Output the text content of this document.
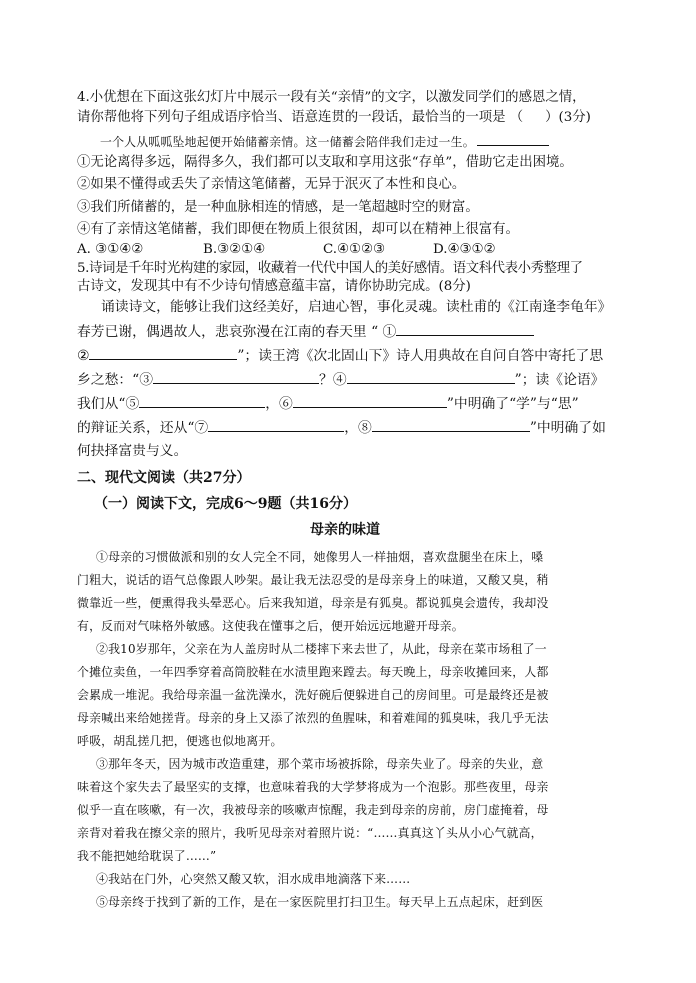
4.小优想在下面这张幻灯片中展示一段有关“亲情”的文字，以激发同学们的感恩之情，
请你帮他将下列句子组成语序恰当、语意连贯的一段话，最恰当的一项是 （ ）(3分)
一个人从呱呱坠地起便开始储蓄亲情。这一储蓄会陪伴我们走过一生。
①无论离得多远，隔得多久，我们都可以支取和享用这张“存单”，借助它走出困境。
②如果不懂得或丢失了亲情这笔储蓄，无异于泯灭了本性和良心。
③我们所储蓄的，是一种血脉相连的情感，是一笔超越时空的财富。
④有了亲情这笔储蓄，我们即便在物质上很贫困，却可以在精神上很富有。
A. ③①④②	B.③②①④	C.④①②③	D.④③①②
5.诗词是千年时光构建的家园，收藏着一代代中国人的美好感情。语文科代表小秀整理了
古诗文，发现其中有不少诗句情感意蕴丰富，请你协助完成。(8分)
诵读诗文，能够让我们这经美好，启迪心智，事化灵魂。读杜甫的《江南逢李龟年》
春芳已谢，偶遇故人，悲哀弥漫在江南的春天里 “ ①
②	”；读王湾《次北固山下》诗人用典故在自问自答中寄托了思
乡之愁：“③	？④	”；读《论语》
我们从“⑤	，⑥	”中明确了“学”与“思”
的辩证关系，还从“⑦	，⑧	”中明确了如
何抉择富贵与义。
二、现代文阅读（共27分）
（一）阅读下文，完成6～9题（共16分）
母亲的味道
①母亲的习惯做派和别的女人完全不同，她像男人一样抽烟，喜欢盘腿坐在床上，嗓
门粗大，说话的语气总像跟人吵架。最让我无法忍受的是母亲身上的味道，又酸又臭，稍
微靠近一些，便熏得我头晕恶心。后来我知道，母亲是有狐臭。都说狐臭会遗传，我却没
有，反而对气味格外敏感。这使我在懂事之后，便开始远远地避开母亲。
②我10岁那年，父亲在为人盖房时从二楼摔下来去世了，从此，母亲在菜市场租了一
个摊位卖鱼，一年四季穿着高筒胶鞋在水渍里跑来蹚去。每天晚上，母亲收摊回来，人都
会累成一堆泥。我给母亲温一盆洗澡水，洗好碗后便躲进自己的房间里。可是最终还是被
母亲喊出来给她搓背。母亲的身上又添了浓烈的鱼腥味，和着难闻的狐臭味，我几乎无法
呼吸，胡乱搓几把，便逃也似地离开。
③那年冬天，因为城市改造重建，那个菜市场被拆除，母亲失业了。母亲的失业，意
味着这个家失去了最坚实的支撑，也意味着我的大学梦将成为一个泡影。那些夜里，母亲
似乎一直在咳嗽，有一次，我被母亲的咳嗽声惊醒，我走到母亲的房前，房门虚掩着，母
亲背对着我在擦父亲的照片，我听见母亲对着照片说：“……真真这丫头从小心气就高，
我不能把她给耽误了……”
④我站在门外，心突然又酸又软，泪水成串地滴落下来……
⑤母亲终于找到了新的工作，是在一家医院里打扫卫生。每天早上五点起床，赶到医
